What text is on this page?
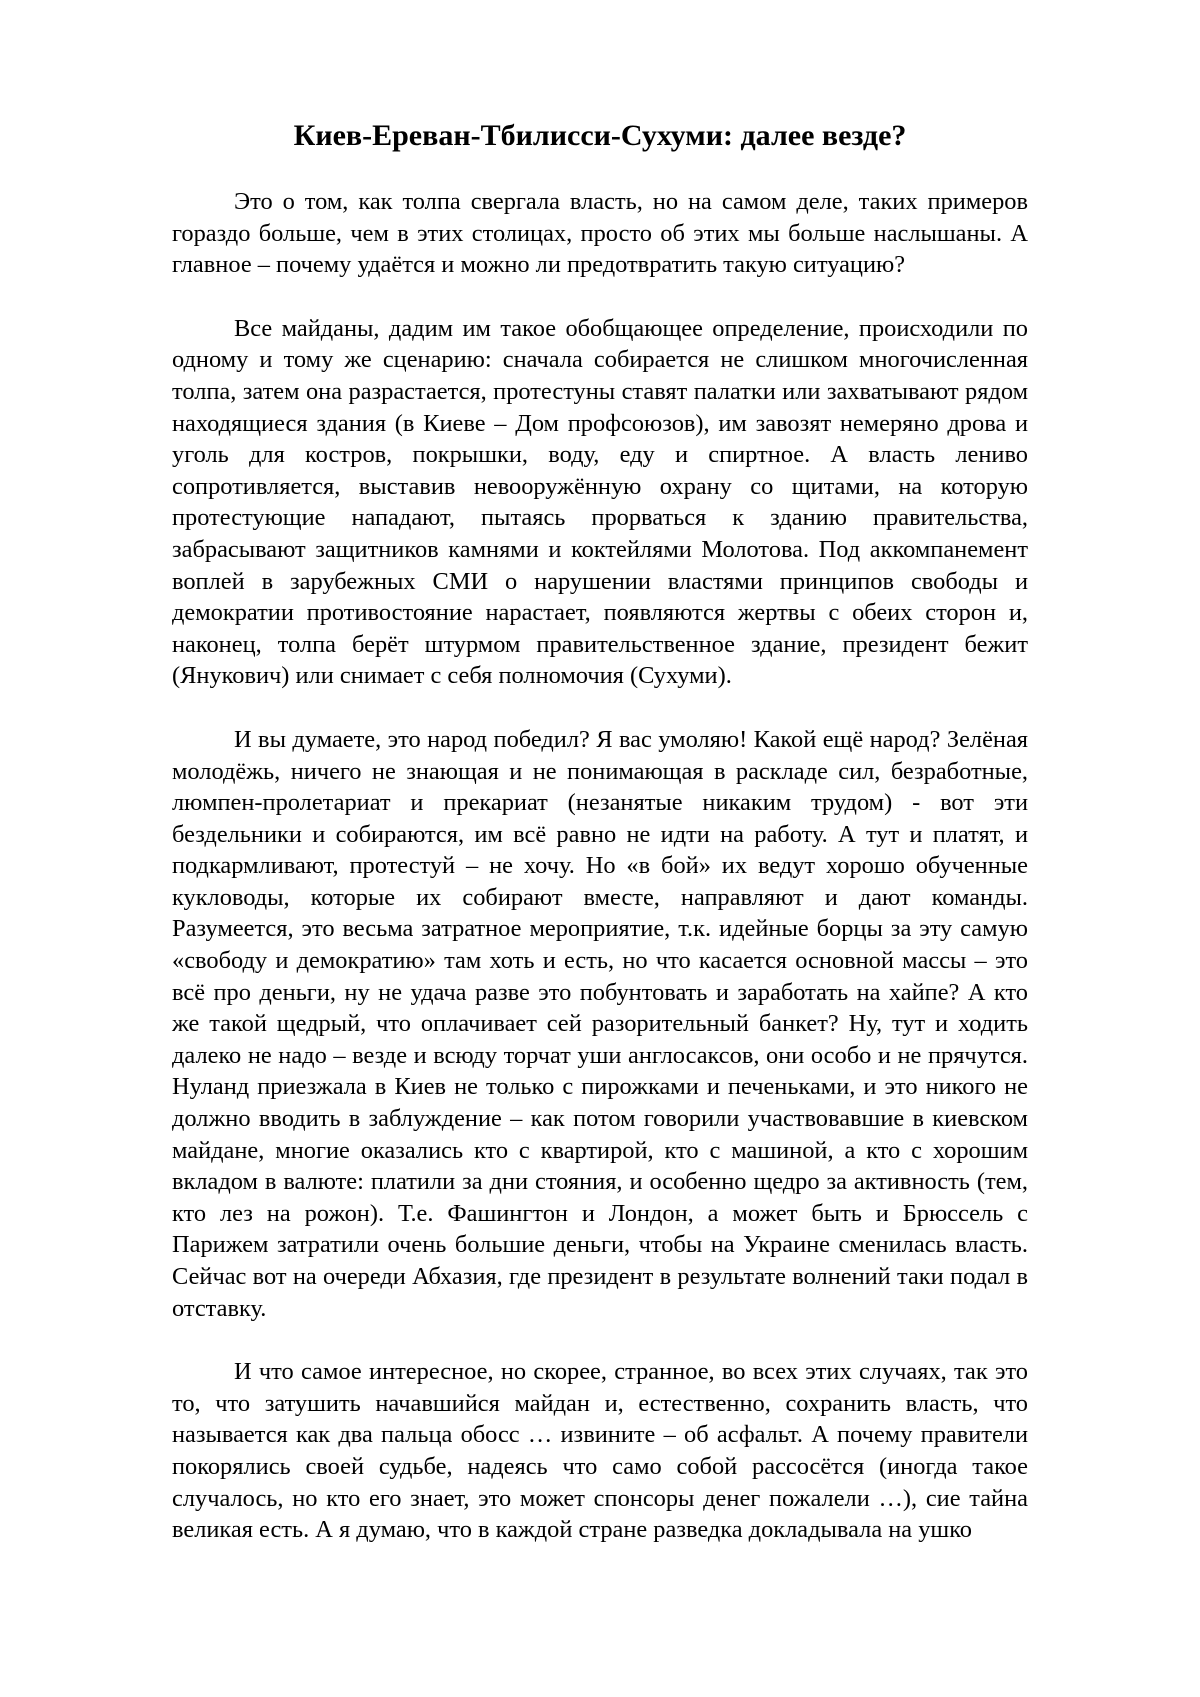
Киев-Ереван-Тбилисси-Сухуми: далее везде?

Это о том, как толпа свергала власть, но на самом деле, таких примеров гораздо больше, чем в этих столицах, просто об этих мы больше наслышаны. А главное – почему удаётся и можно ли предотвратить такую ситуацию?

Все майданы, дадим им такое обобщающее определение, происходили по одному и тому же сценарию: сначала собирается не слишком многочисленная толпа, затем она разрастается, протестуны ставят палатки или захватывают рядом находящиеся здания (в Киеве – Дом профсоюзов), им завозят немеряно дрова и уголь для костров, покрышки, воду, еду и спиртное. А власть лениво сопротивляется, выставив невооружённую охрану со щитами, на которую протестующие нападают, пытаясь прорваться к зданию правительства, забрасывают защитников камнями и коктейлями Молотова. Под аккомпанемент воплей в зарубежных СМИ о нарушении властями принципов свободы и демократии противостояние нарастает, появляются жертвы с обеих сторон и, наконец, толпа берёт штурмом правительственное здание, президент бежит (Янукович) или снимает с себя полномочия (Сухуми).

И вы думаете, это народ победил? Я вас умоляю! Какой ещё народ? Зелёная молодёжь, ничего не знающая и не понимающая в раскладе сил, безработные, люмпен-пролетариат и прекариат (незанятые никаким трудом) - вот эти бездельники и собираются, им всё равно не идти на работу. А тут и платят, и подкармливают, протестуй – не хочу. Но «в бой» их ведут хорошо обученные кукловоды, которые их собирают вместе, направляют и дают команды. Разумеется, это весьма затратное мероприятие, т.к. идейные борцы за эту самую «свободу и демократию» там хоть и есть, но что касается основной массы – это всё про деньги, ну не удача разве это побунтовать и заработать на хайпе? А кто же такой щедрый, что оплачивает сей разорительный банкет? Ну, тут и ходить далеко не надо – везде и всюду торчат уши англосаксов, они особо и не прячутся. Нуланд приезжала в Киев не только с пирожками и печеньками, и это никого не должно вводить в заблуждение – как потом говорили участвовавшие в киевском майдане, многие оказались кто с квартирой, кто с машиной, а кто с хорошим вкладом в валюте: платили за дни стояния, и особенно щедро за активность (тем, кто лез на рожон). Т.е. Фашингтон и Лондон, а может быть и Брюссель с Парижем затратили очень большие деньги, чтобы на Украине сменилась власть. Сейчас вот на очереди Абхазия, где президент в результате волнений таки подал в отставку.

И что самое интересное, но скорее, странное, во всех этих случаях, так это то, что затушить начавшийся майдан и, естественно, сохранить власть, что называется как два пальца обосс … извините – об асфальт. А почему правители покорялись своей судьбе, надеясь что само собой рассосётся (иногда такое случалось, но кто его знает, это может спонсоры денег пожалели …), сие тайна великая есть. А я думаю, что в каждой стране разведка докладывала на ушко
